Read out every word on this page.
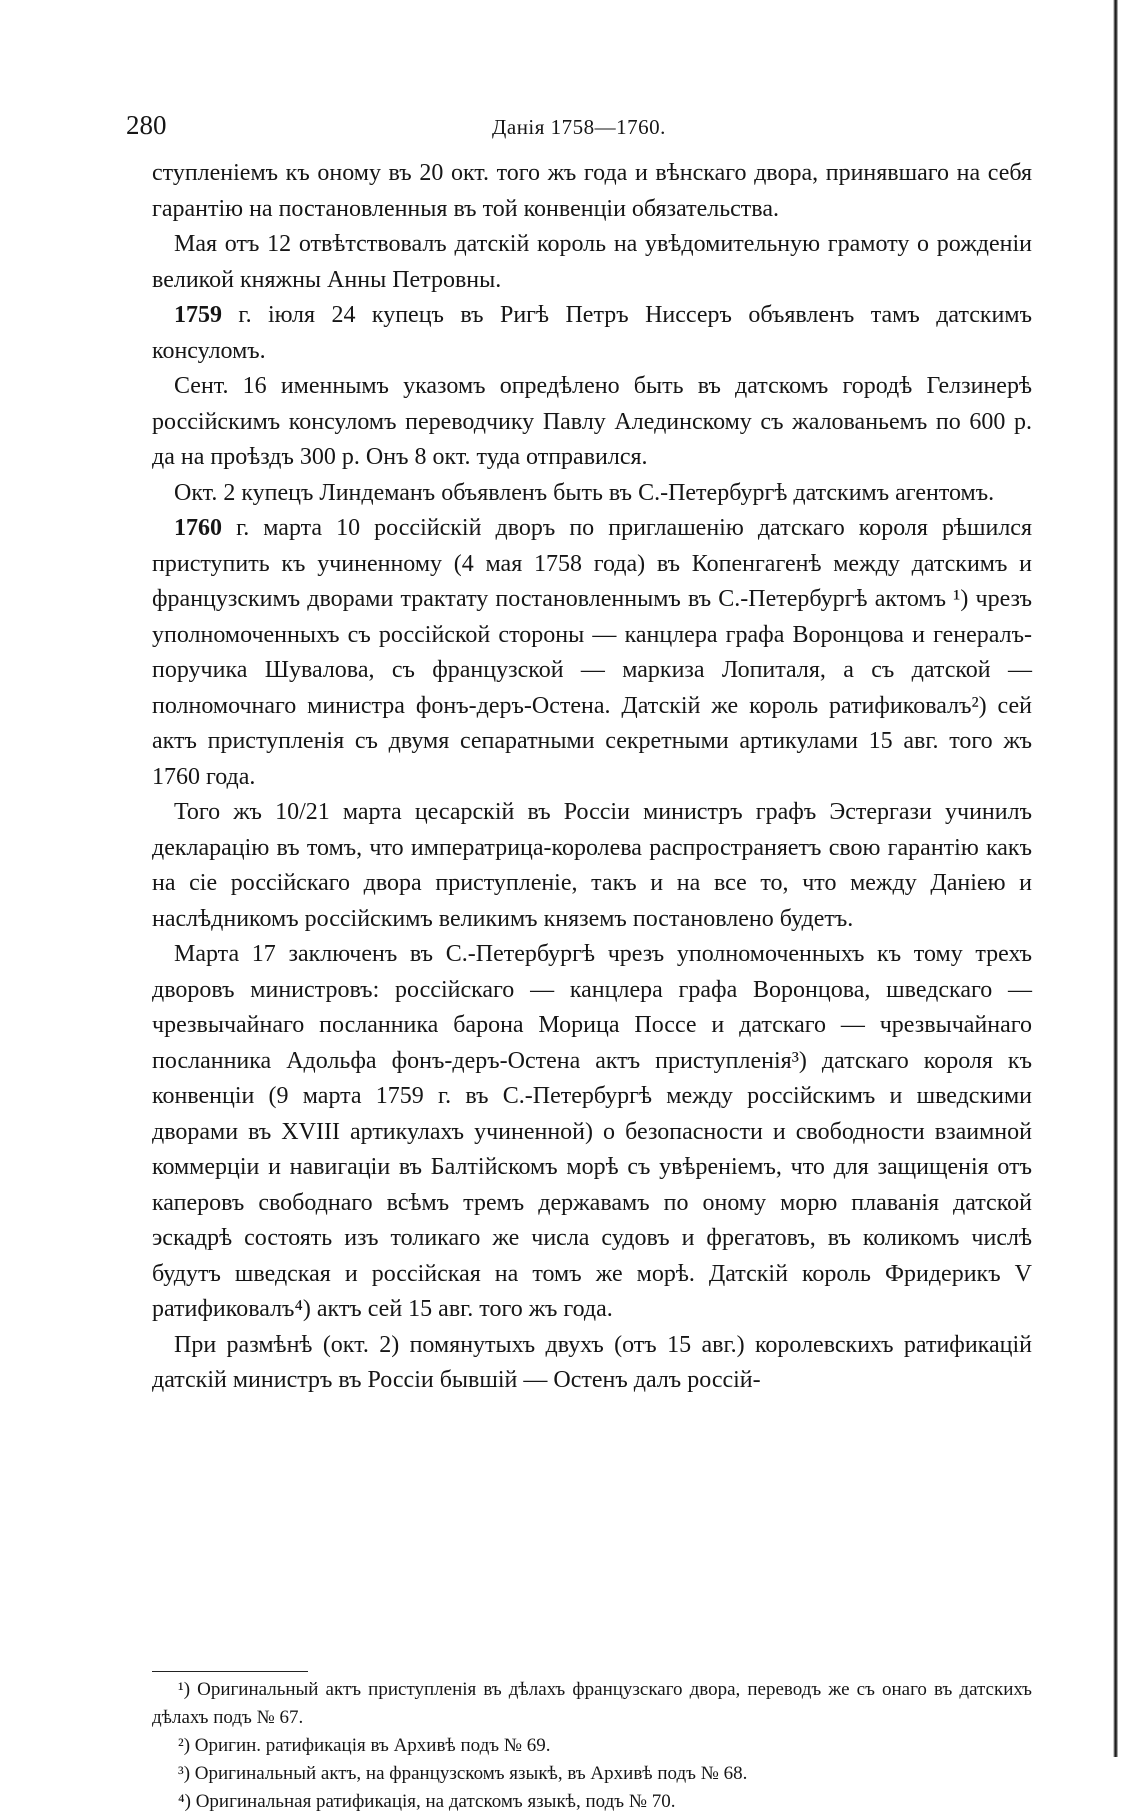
280	Данія 1758—1760.

ступленіемъ къ оному въ 20 окт. того жъ года и вѣнскаго двора, принявшаго на себя гарантію на постановленныя въ той конвенціи обязательства.

Мая отъ 12 отвѣтствовалъ датскій король на увѣдомительную грамоту о рожденіи великой княжны Анны Петровны.

1759 г. іюля 24 купецъ въ Ригѣ Петръ Ниссеръ объявленъ тамъ датскимъ консуломъ.

Сент. 16 именнымъ указомъ опредѣлено быть въ датскомъ городѣ Гелзинерѣ россійскимъ консуломъ переводчику Павлу Алединскому съ жалованьемъ по 600 р. да на проѣздъ 300 р. Онъ 8 окт. туда отправился.

Окт. 2 купецъ Линдеманъ объявленъ быть въ С.-Петербургѣ датскимъ агентомъ.

1760 г. марта 10 россійскій дворъ по приглашенію датскаго короля рѣшился приступить къ учиненному (4 мая 1758 года) въ Копенгагенѣ между датскимъ и французскимъ дворами трактату постановленнымъ въ С.-Петербургѣ актомъ ¹) чрезъ уполномоченныхъ съ россійской стороны — канцлера графа Воронцова и генералъ-поручика Шувалова, съ французской — маркиза Лопиталя, а съ датской — полномочнаго министра фонъ-деръ-Остена. Датскій же король ратификовалъ²) сей актъ приступленія съ двумя сепаратными секретными артикулами 15 авг. того жъ 1760 года.

Того жъ 10/21 марта цесарскій въ Россіи министръ графъ Эстергази учинилъ декларацію въ томъ, что императрица-королева распространяетъ свою гарантію какъ на сіе россійскаго двора приступленіе, такъ и на все то, что между Даніею и наслѣдникомъ россійскимъ великимъ княземъ постановлено будетъ.

Марта 17 заключенъ въ С.-Петербургѣ чрезъ уполномоченныхъ къ тому трехъ дворовъ министровъ: россійскаго — канцлера графа Воронцова, шведскаго — чрезвычайнаго посланника барона Морица Поссе и датскаго — чрезвычайнаго посланника Адольфа фонъ-деръ-Остена актъ приступленія³) датскаго короля къ конвенціи (9 марта 1759 г. въ С.-Петербургѣ между россійскимъ и шведскими дворами въ XVIII артикулахъ учиненной) о безопасности и свободности взаимной коммерціи и навигаціи въ Балтійскомъ морѣ съ увѣреніемъ, что для защищенія отъ каперовъ свободнаго всѣмъ тремъ державамъ по оному морю плаванія датской эскадрѣ состоять изъ толикаго же числа судовъ и фрегатовъ, въ коликомъ числѣ будутъ шведская и россійская на томъ же морѣ. Датскій король Фридерикъ V ратификовалъ⁴) актъ сей 15 авг. того жъ года.

При размѣнѣ (окт. 2) помянутыхъ двухъ (отъ 15 авг.) королевскихъ ратификацій датскій министръ въ Россіи бывшій — Остенъ далъ россій-

¹) Оригинальный актъ приступленія въ дѣлахъ французскаго двора, переводъ же съ онаго въ датскихъ дѣлахъ подъ № 67.

²) Оригин. ратификація въ Архивѣ подъ № 69.

³) Оригинальный актъ, на французскомъ языкѣ, въ Архивѣ подъ № 68.

⁴) Оригинальная ратификація, на датскомъ языкѣ, подъ № 70.
